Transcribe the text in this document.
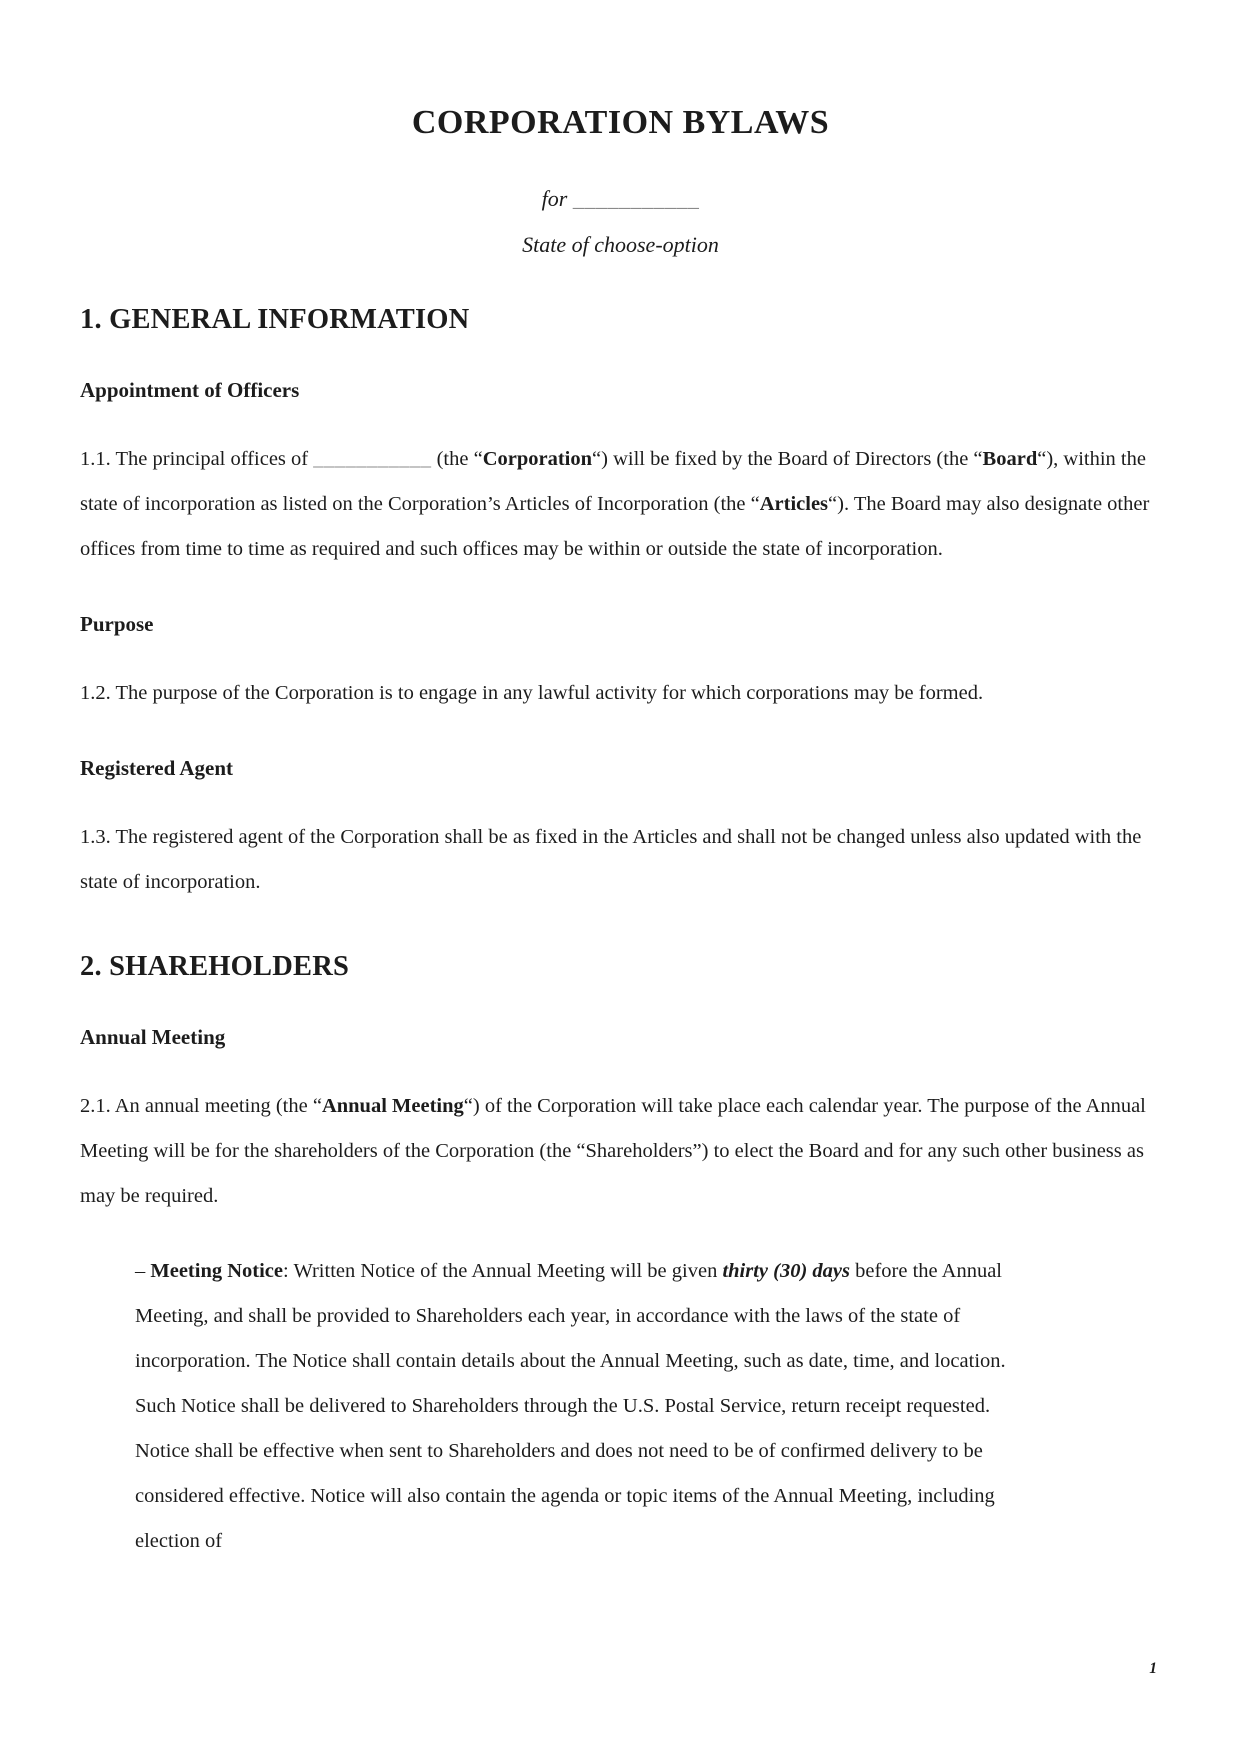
CORPORATION BYLAWS

for ___________

State of choose-option

1. GENERAL INFORMATION
Appointment of Officers

1.1. The principal offices of ___________ (the “Corporation“) will be fixed by the Board of Directors (the “Board“), within the state of incorporation as listed on the Corporation’s Articles of Incorporation (the “Articles“). The Board may also designate other offices from time to time as required and such offices may be within or outside the state of incorporation.

Purpose

1.2. The purpose of the Corporation is to engage in any lawful activity for which corporations may be formed.

Registered Agent

1.3. The registered agent of the Corporation shall be as fixed in the Articles and shall not be changed unless also updated with the state of incorporation.

2. SHAREHOLDERS
Annual Meeting

2.1. An annual meeting (the “Annual Meeting“) of the Corporation will take place each calendar year. The purpose of the Annual Meeting will be for the shareholders of the Corporation (the “Shareholders”) to elect the Board and for any such other business as may be required.

– Meeting Notice: Written Notice of the Annual Meeting will be given thirty (30) days before the Annual Meeting, and shall be provided to Shareholders each year, in accordance with the laws of the state of incorporation. The Notice shall contain details about the Annual Meeting, such as date, time, and location. Such Notice shall be delivered to Shareholders through the U.S. Postal Service, return receipt requested. Notice shall be effective when sent to Shareholders and does not need to be of confirmed delivery to be considered effective. Notice will also contain the agenda or topic items of the Annual Meeting, including election of

1
